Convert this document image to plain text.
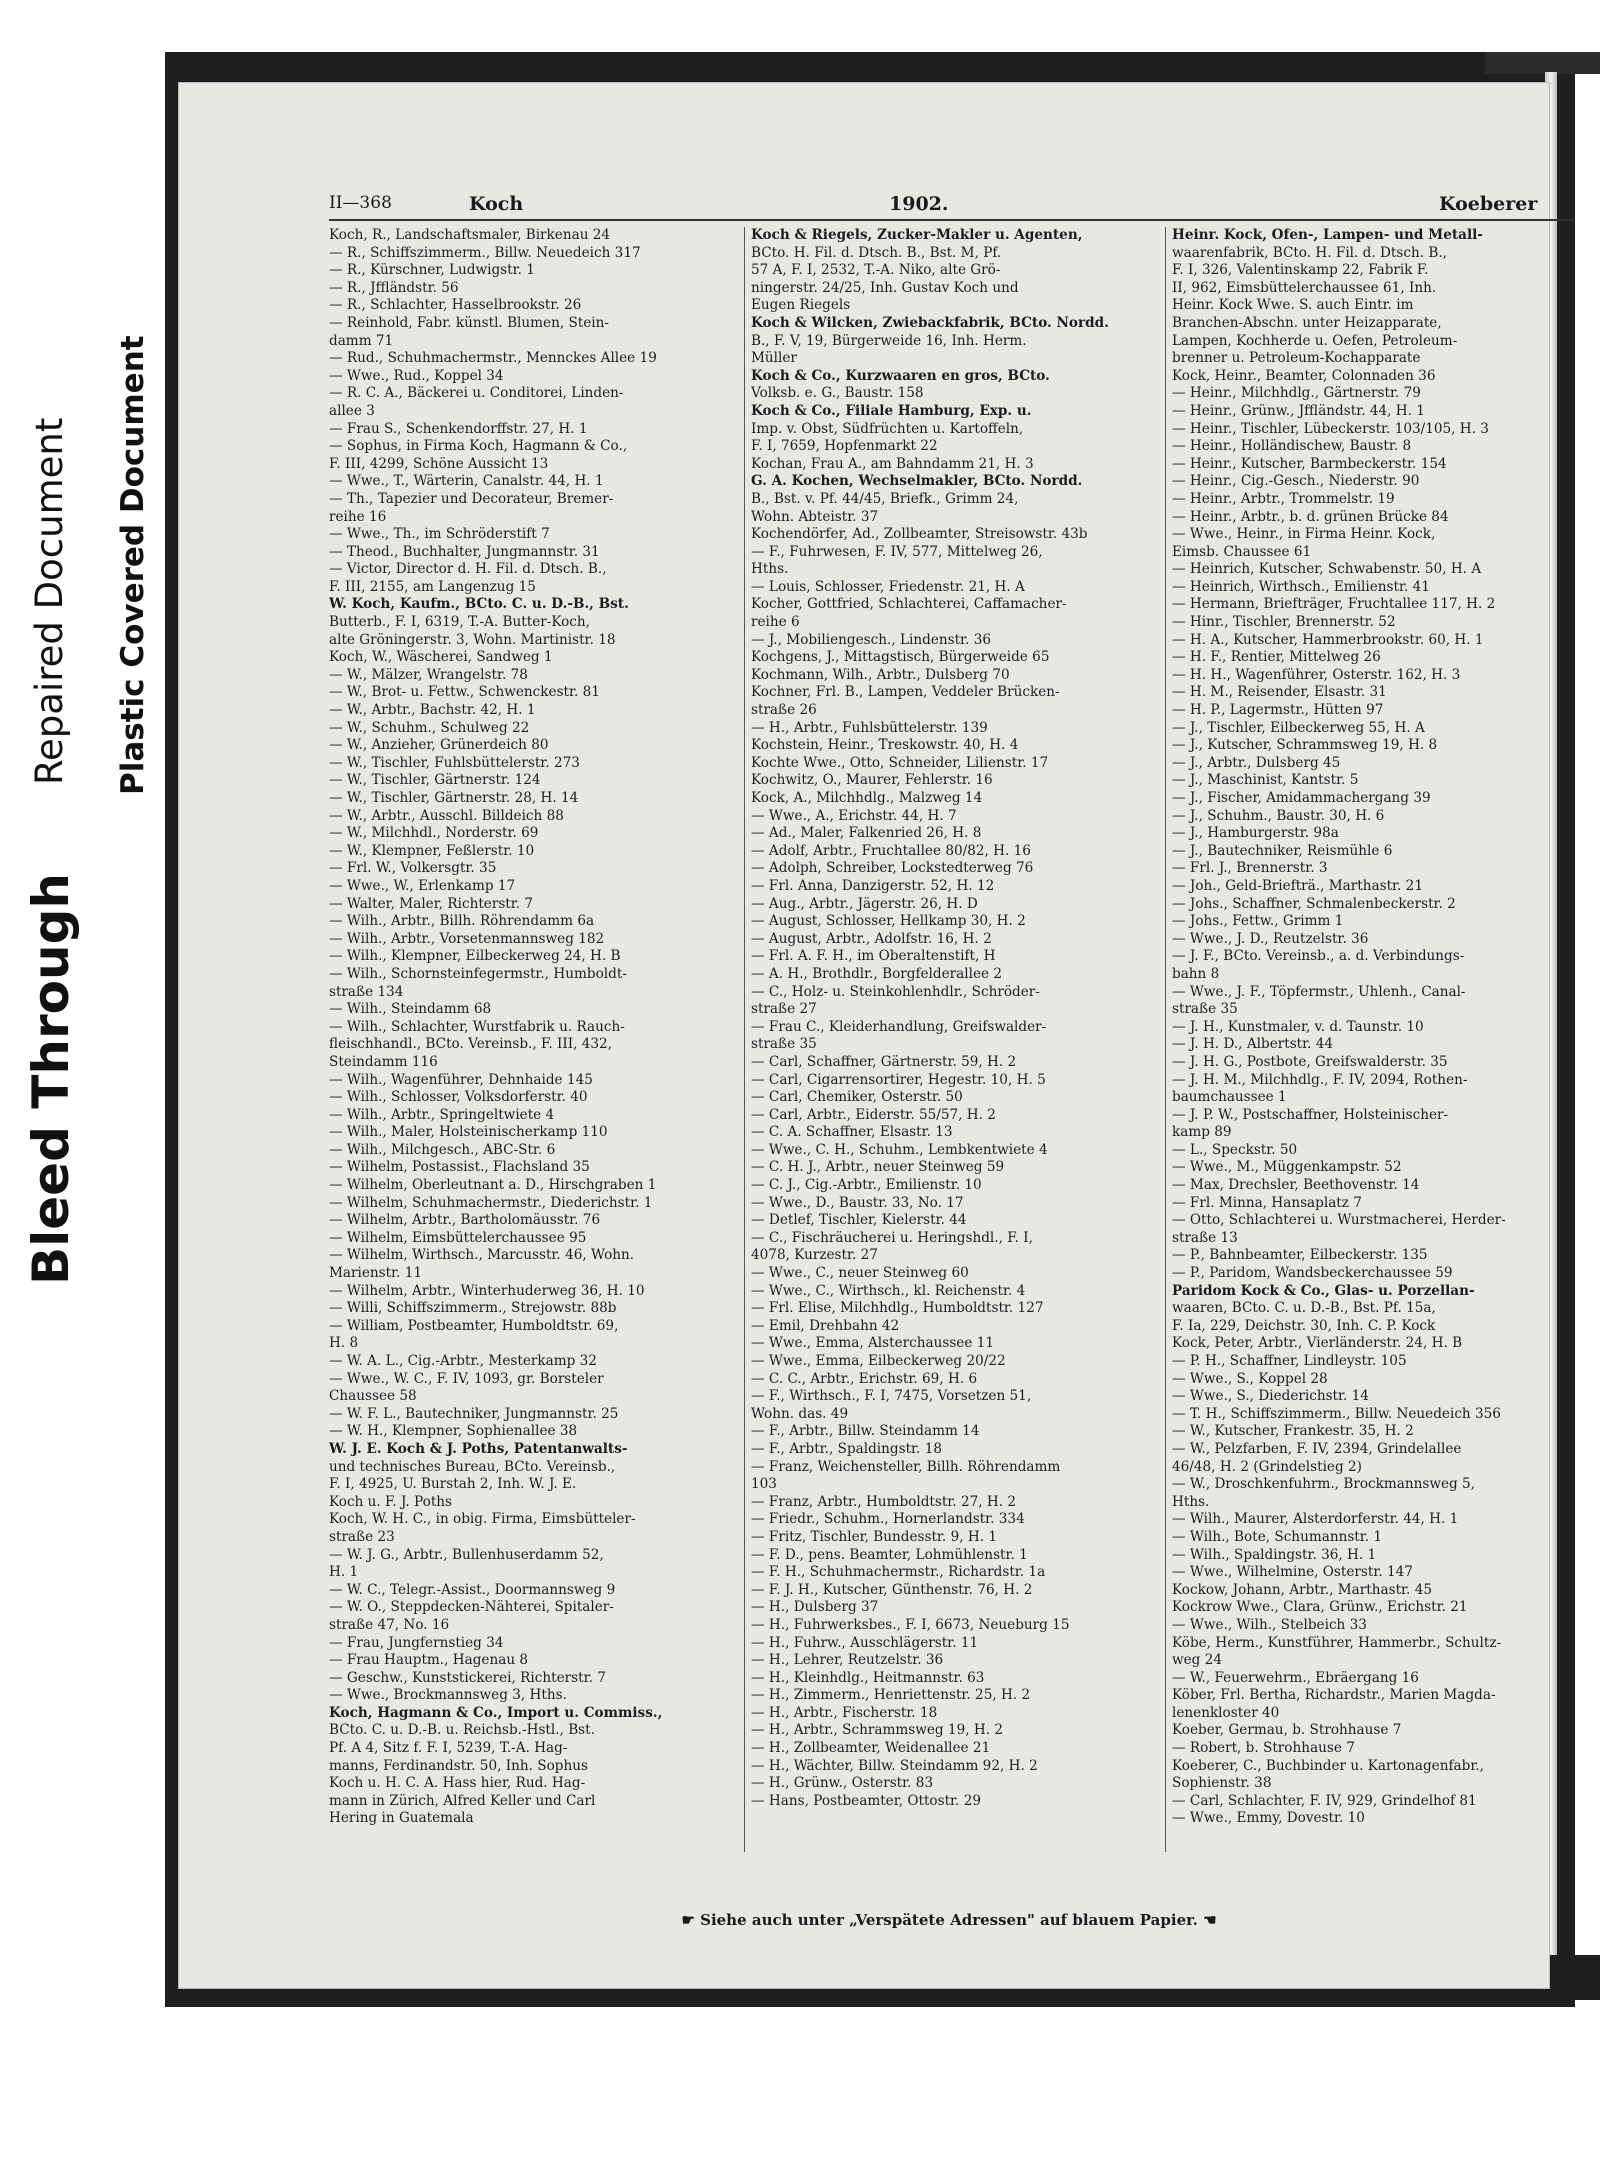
Bleed Through
Repaired Document Plastic Covered Document
II—368	Koch	1902.	Koeberer
Koch, R., Landschaftsmaler, Birkenau 24
— R., Schiffszimmerm., Billw. Neuedeich 317
— R., Kürschner, Ludwigstr. 1
— R., Jffländstr. 56
— R., Schlachter, Hasselbrookstr. 26
— Reinhold, Fabr. künstl. Blumen, Stein-
damm 71
— Rud., Schuhmachermstr., Mennckes Allee 19
— Wwe., Rud., Koppel 34
— R. C. A., Bäckerei u. Conditorei, Linden-
allee 3
— Frau S., Schenkendorffstr. 27, H. 1
— Sophus, in Firma Koch, Hagmann & Co.,
F. III, 4299, Schöne Aussicht 13
— Wwe., T., Wärterin, Canalstr. 44, H. 1
— Th., Tapezier und Decorateur, Bremer-
reihe 16
— Wwe., Th., im Schröderstift 7
— Theod., Buchhalter, Jungmannstr. 31
— Victor, Director d. H. Fil. d. Dtsch. B.,
F. III, 2155, am Langenzug 15
W. Koch, Kaufm., BCto. C. u. D.-B., Bst.
Butterb., F. I, 6319, T.-A. Butter-Koch,
alte Gröningerstr. 3, Wohn. Martinistr. 18
Koch, W., Wäscherei, Sandweg 1
— W., Mälzer, Wrangelstr. 78
— W., Brot- u. Fettw., Schwenckestr. 81
— W., Arbtr., Bachstr. 42, H. 1
— W., Schuhm., Schulweg 22
— W., Anzieher, Grünerdeich 80
— W., Tischler, Fuhlsbüttelerstr. 273
— W., Tischler, Gärtnerstr. 124
— W., Tischler, Gärtnerstr. 28, H. 14
— W., Arbtr., Ausschl. Billdeich 88
— W., Milchhdl., Norderstr. 69
— W., Klempner, Feßlerstr. 10
— Frl. W., Volkersgtr. 35
— Wwe., W., Erlenkamp 17
— Walter, Maler, Richterstr. 7
— Wilh., Arbtr., Billh. Röhrendamm 6a
— Wilh., Arbtr., Vorsetenmannsweg 182
— Wilh., Klempner, Eilbeckerweg 24, H. B
— Wilh., Schornsteinfegermstr., Humboldt-
straße 134
— Wilh., Steindamm 68
— Wilh., Schlachter, Wurstfabrik u. Rauch-
fleischhandl., BCto. Vereinsb., F. III, 432,
Steindamm 116
— Wilh., Wagenführer, Dehnhaide 145
— Wilh., Schlosser, Volksdorferstr. 40
— Wilh., Arbtr., Springeltwiete 4
— Wilh., Maler, Holsteinischerkamp 110
— Wilh., Milchgesch., ABC-Str. 6
— Wilhelm, Postassist., Flachsland 35
— Wilhelm, Oberleutnant a. D., Hirschgraben 1
— Wilhelm, Schuhmachermstr., Diederichstr. 1
— Wilhelm, Arbtr., Bartholomäusstr. 76
— Wilhelm, Eimsbüttelerchaussee 95
— Wilhelm, Wirthsch., Marcusstr. 46, Wohn.
Marienstr. 11
— Wilhelm, Arbtr., Winterhuderweg 36, H. 10
— Willi, Schiffszimmerm., Strejowstr. 88b
— William, Postbeamter, Humboldtstr. 69,
H. 8
— W. A. L., Cig.-Arbtr., Mesterkamp 32
— Wwe., W. C., F. IV, 1093, gr. Borsteler
Chaussee 58
— W. F. L., Bautechniker, Jungmannstr. 25
— W. H., Klempner, Sophienallee 38
W. J. E. Koch & J. Poths, Patentanwalts-
und technisches Bureau, BCto. Vereinsb.,
F. I, 4925, U. Burstah 2, Inh. W. J. E.
Koch u. F. J. Poths
Koch, W. H. C., in obig. Firma, Eimsbütteler-
straße 23
— W. J. G., Arbtr., Bullenhuserdamm 52,
H. 1
— W. C., Telegr.-Assist., Doormannsweg 9
— W. O., Steppdecken-Nähterei, Spitaler-
straße 47, No. 16
— Frau, Jungfernstieg 34
— Frau Hauptm., Hagenau 8
— Geschw., Kunststickerei, Richterstr. 7
— Wwe., Brockmannsweg 3, Hths.
Koch, Hagmann & Co., Import u. Commiss.,
BCto. C. u. D.-B. u. Reichsb.-Hstl., Bst.
Pf. A 4, Sitz f. F. I, 5239, T.-A. Hag-
manns, Ferdinandstr. 50, Inh. Sophus
Koch u. H. C. A. Hass hier, Rud. Hag-
mann in Zürich, Alfred Keller und Carl
Hering in Guatemala
Koch & Riegels, Zucker-Makler u. Agenten,
BCto. H. Fil. d. Dtsch. B., Bst. M, Pf.
57 A, F. I, 2532, T.-A. Niko, alte Grö-
ningerstr. 24/25, Inh. Gustav Koch und
Eugen Riegels
Koch & Wilcken, Zwiebackfabrik, BCto. Nordd.
B., F. V, 19, Bürgerweide 16, Inh. Herm.
Müller
Koch & Co., Kurzwaaren en gros, BCto.
Volksb. e. G., Baustr. 158
Koch & Co., Filiale Hamburg, Exp. u.
Imp. v. Obst, Südfrüchten u. Kartoffeln,
F. I, 7659, Hopfenmarkt 22
Kochan, Frau A., am Bahndamm 21, H. 3
G. A. Kochen, Wechselmakler, BCto. Nordd.
B., Bst. v. Pf. 44/45, Briefk., Grimm 24,
Wohn. Abteistr. 37
Kochendörfer, Ad., Zollbeamter, Streisowstr. 43b
— F., Fuhrwesen, F. IV, 577, Mittelweg 26,
Hths.
— Louis, Schlosser, Friedenstr. 21, H. A
Kocher, Gottfried, Schlachterei, Caffamacher-
reihe 6
— J., Mobiliengesch., Lindenstr. 36
Kochgens, J., Mittagstisch, Bürgerweide 65
Kochmann, Wilh., Arbtr., Dulsberg 70
Kochner, Frl. B., Lampen, Veddeler Brücken-
straße 26
— H., Arbtr., Fuhlsbüttelerstr. 139
Kochstein, Heinr., Treskowstr. 40, H. 4
Kochte Wwe., Otto, Schneider, Lilienstr. 17
Kochwitz, O., Maurer, Fehlerstr. 16
Kock, A., Milchhdlg., Malzweg 14
— Wwe., A., Erichstr. 44, H. 7
— Ad., Maler, Falkenried 26, H. 8
— Adolf, Arbtr., Fruchtallee 80/82, H. 16
— Adolph, Schreiber, Lockstedterweg 76
— Frl. Anna, Danzigerstr. 52, H. 12
— Aug., Arbtr., Jägerstr. 26, H. D
— August, Schlosser, Hellkamp 30, H. 2
— August, Arbtr., Adolfstr. 16, H. 2
— Frl. A. F. H., im Oberaltenstift, H
— A. H., Brothdlr., Borgfelderallee 2
— C., Holz- u. Steinkohlenhdlr., Schröder-
straße 27
— Frau C., Kleiderhandlung, Greifswalder-
straße 35
— Carl, Schaffner, Gärtnerstr. 59, H. 2
— Carl, Cigarrensortirer, Hegestr. 10, H. 5
— Carl, Chemiker, Osterstr. 50
— Carl, Arbtr., Eiderstr. 55/57, H. 2
— C. A. Schaffner, Elsastr. 13
— Wwe., C. H., Schuhm., Lembkentwiete 4
— C. H. J., Arbtr., neuer Steinweg 59
— C. J., Cig.-Arbtr., Emilienstr. 10
— Wwe., D., Baustr. 33, No. 17
— Detlef, Tischler, Kielerstr. 44
— C., Fischräucherei u. Heringshdl., F. I,
4078, Kurzestr. 27
— Wwe., C., neuer Steinweg 60
— Wwe., C., Wirthsch., kl. Reichenstr. 4
— Frl. Elise, Milchhdlg., Humboldtstr. 127
— Emil, Drehbahn 42
— Wwe., Emma, Alsterchaussee 11
— Wwe., Emma, Eilbeckerweg 20/22
— C. C., Arbtr., Erichstr. 69, H. 6
— F., Wirthsch., F. I, 7475, Vorsetzen 51,
Wohn. das. 49
— F., Arbtr., Billw. Steindamm 14
— F., Arbtr., Spaldingstr. 18
— Franz, Weichensteller, Billh. Röhrendamm
103
— Franz, Arbtr., Humboldtstr. 27, H. 2
— Friedr., Schuhm., Hornerlandstr. 334
— Fritz, Tischler, Bundesstr. 9, H. 1
— F. D., pens. Beamter, Lohmühlenstr. 1
— F. H., Schuhmachermstr., Richardstr. 1a
— F. J. H., Kutscher, Günthenstr. 76, H. 2
— H., Dulsberg 37
— H., Fuhrwerksbes., F. I, 6673, Neueburg 15
— H., Fuhrw., Ausschlägerstr. 11
— H., Lehrer, Reutzelstr. 36
— H., Kleinhdlg., Heitmannstr. 63
— H., Zimmerm., Henriettenstr. 25, H. 2
— H., Arbtr., Fischerstr. 18
— H., Arbtr., Schrammsweg 19, H. 2
— H., Zollbeamter, Weidenallee 21
— H., Wächter, Billw. Steindamm 92, H. 2
— H., Grünw., Osterstr. 83
— Hans, Postbeamter, Ottostr. 29
Heinr. Kock, Ofen-, Lampen- und Metall-
waarenfabrik, BCto. H. Fil. d. Dtsch. B.,
F. I, 326, Valentinskamp 22, Fabrik F.
II, 962, Eimsbüttelerchaussee 61, Inh.
Heinr. Kock Wwe. S. auch Eintr. im
Branchen-Abschn. unter Heizapparate,
Lampen, Kochherde u. Oefen, Petroleum-
brenner u. Petroleum-Kochapparate
Kock, Heinr., Beamter, Colonnaden 36
— Heinr., Milchhdlg., Gärtnerstr. 79
— Heinr., Grünw., Jffländstr. 44, H. 1
— Heinr., Tischler, Lübeckerstr. 103/105, H. 3
— Heinr., Holländischew, Baustr. 8
— Heinr., Kutscher, Barmbeckerstr. 154
— Heinr., Cig.-Gesch., Niederstr. 90
— Heinr., Arbtr., Trommelstr. 19
— Heinr., Arbtr., b. d. grünen Brücke 84
— Wwe., Heinr., in Firma Heinr. Kock,
Eimsb. Chaussee 61
— Heinrich, Kutscher, Schwabenstr. 50, H. A
— Heinrich, Wirthsch., Emilienstr. 41
— Hermann, Briefträger, Fruchtallee 117, H. 2
— Hinr., Tischler, Brennerstr. 52
— H. A., Kutscher, Hammerbrookstr. 60, H. 1
— H. F., Rentier, Mittelweg 26
— H. H., Wagenführer, Osterstr. 162, H. 3
— H. M., Reisender, Elsastr. 31
— H. P., Lagermstr., Hütten 97
— J., Tischler, Eilbeckerweg 55, H. A
— J., Kutscher, Schrammsweg 19, H. 8
— J., Arbtr., Dulsberg 45
— J., Maschinist, Kantstr. 5
— J., Fischer, Amidammachergang 39
— J., Schuhm., Baustr. 30, H. 6
— J., Hamburgerstr. 98a
— J., Bautechniker, Reismühle 6
— Frl. J., Brennerstr. 3
— Joh., Geld-Briefträ., Marthastr. 21
— Johs., Schaffner, Schmalenbeckerstr. 2
— Johs., Fettw., Grimm 1
— Wwe., J. D., Reutzelstr. 36
— J. F., BCto. Vereinsb., a. d. Verbindungs-
bahn 8
— Wwe., J. F., Töpfermstr., Uhlenh., Canal-
straße 35
— J. H., Kunstmaler, v. d. Taunstr. 10
— J. H. D., Albertstr. 44
— J. H. G., Postbote, Greifswalderstr. 35
— J. H. M., Milchhdlg., F. IV, 2094, Rothen-
baumchaussee 1
— J. P. W., Postschaffner, Holsteinischer-
kamp 89
— L., Speckstr. 50
— Wwe., M., Müggenkampstr. 52
— Max, Drechsler, Beethovenstr. 14
— Frl. Minna, Hansaplatz 7
— Otto, Schlachterei u. Wurstmacherei, Herder-
straße 13
— P., Bahnbeamter, Eilbeckerstr. 135
— P., Paridom, Wandsbeckerchaussee 59
Paridom Kock & Co., Glas- u. Porzellan-
waaren, BCto. C. u. D.-B., Bst. Pf. 15a,
F. Ia, 229, Deichstr. 30, Inh. C. P. Kock
Kock, Peter, Arbtr., Vierländerstr. 24, H. B
— P. H., Schaffner, Lindleystr. 105
— Wwe., S., Koppel 28
— Wwe., S., Diederichstr. 14
— T. H., Schiffszimmerm., Billw. Neuedeich 356
— W., Kutscher, Frankestr. 35, H. 2
— W., Pelzfarben, F. IV, 2394, Grindelallee
46/48, H. 2 (Grindelstieg 2)
— W., Droschkenfuhrm., Brockmannsweg 5,
Hths.
— Wilh., Maurer, Alsterdorferstr. 44, H. 1
— Wilh., Bote, Schumannstr. 1
— Wilh., Spaldingstr. 36, H. 1
— Wwe., Wilhelmine, Osterstr. 147
Kockow, Johann, Arbtr., Marthastr. 45
Kockrow Wwe., Clara, Grünw., Erichstr. 21
— Wwe., Wilh., Stelbeich 33
Köbe, Herm., Kunstführer, Hammerbr., Schultz-
weg 24
— W., Feuerwehrm., Ebräergang 16
Köber, Frl. Bertha, Richardstr., Marien Magda-
lenenkloster 40
Koeber, Germau, b. Strohhause 7
— Robert, b. Strohhause 7
Koeberer, C., Buchbinder u. Kartonagenfabr.,
Sophienstr. 38
— Carl, Schlachter, F. IV, 929, Grindelhof 81
— Wwe., Emmy, Dovestr. 10
☛ Siehe auch unter „Verspätete Adressen" auf blauem Papier. ☚
